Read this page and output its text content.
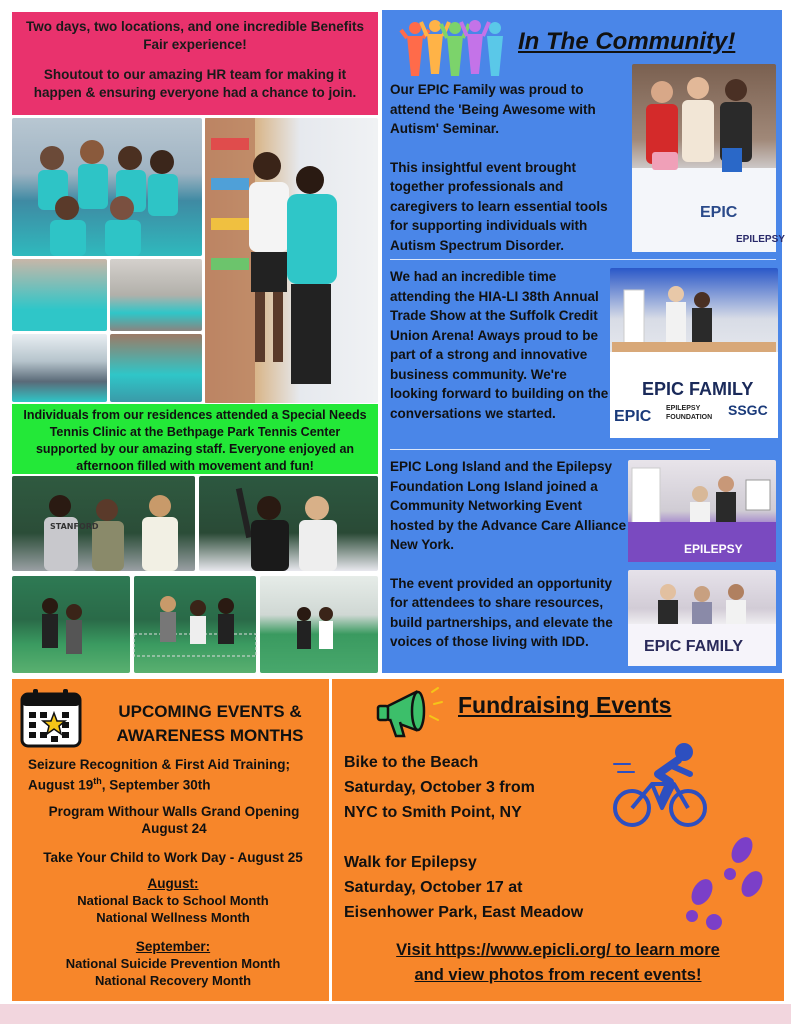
Two days, two locations, and one incredible Benefits Fair experience!

Shoutout to our amazing HR team for making it happen & ensuring everyone had a chance to join.

Individuals from our residences attended a Special Needs Tennis Clinic at the Bethpage Park Tennis Center supported by our amazing staff. Everyone enjoyed an afternoon filled with movement and fun!

STANFORD
In The Community!
Our EPIC Family was proud to attend the 'Being Awesome with Autism' Seminar.
This insightful event brought together professionals and caregivers to learn essential tools for supporting individuals with Autism Spectrum Disorder.
EPIC
EPILEPSY
We had an incredible time attending the HIA-LI 38th Annual Trade Show at the Suffolk Credit Union Arena! Aways proud to be part of a strong and innovative business community. We're looking forward to building on the conversations we started.
EPIC FAMILY
EPIC EPILEPSY FOUNDATION	SSGC
EPIC Long Island and the Epilepsy Foundation Long Island joined a Community Networking Event hosted by the Advance Care Alliance New York.
The event provided an opportunity for attendees to share resources, build partnerships, and elevate the voices of those living with IDD.
EPILEPSY
EPIC FAMILY
UPCOMING EVENTS &
AWARENESS MONTHS
Seizure Recognition & First Aid Training;
August 19th, September 30th
Program Withour Walls Grand Opening
August 24
Take Your Child to Work Day - August 25
August:
National Back to School Month
National Wellness Month
September:
National Suicide Prevention Month
National Recovery Month
Fundraising Events
Bike to the Beach
Saturday, October 3 from
NYC to Smith Point, NY
Walk for Epilepsy
Saturday, October 17 at
Eisenhower Park, East Meadow
Visit https://www.epicli.org/ to learn more
and view photos from recent events!
